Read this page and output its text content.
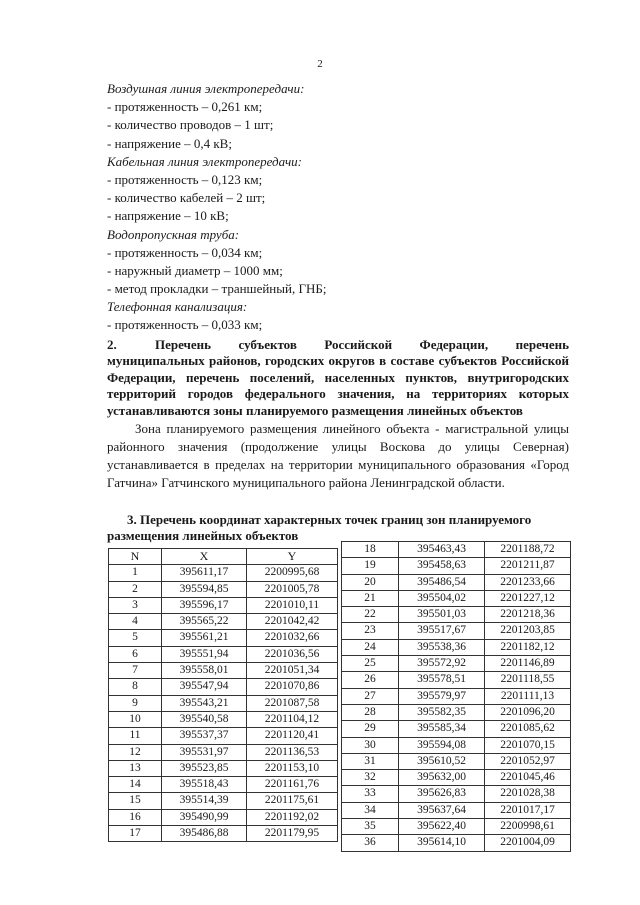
2
Воздушная линия электропередачи:
- протяженность – 0,261 км;
- количество проводов – 1 шт;
- напряжение – 0,4 кВ;
Кабельная линия электропередачи:
- протяженность – 0,123 км;
- количество кабелей – 2 шт;
- напряжение – 10 кВ;
Водопропускная труба:
- протяженность – 0,034 км;
- наружный диаметр – 1000 мм;
- метод прокладки – траншейный, ГНБ;
Телефонная канализация:
- протяженность – 0,033 км;
2.	Перечень субъектов Российской Федерации, перечень муниципальных районов, городских округов в составе субъектов Российской Федерации, перечень поселений, населенных пунктов, внутригородских территорий городов федерального значения, на территориях которых устанавливаются зоны планируемого размещения линейных объектов
Зона планируемого размещения линейного объекта - магистральной улицы районного значения (продолжение улицы Воскова до улицы Северная) устанавливается в пределах на территории муниципального образования «Город Гатчина» Гатчинского муниципального района Ленинградской области.
3. Перечень координат характерных точек границ зон планируемого
размещения линейных объектов
N	X	Y
1	395611,17	2200995,68
2	395594,85	2201005,78
3	395596,17	2201010,11
4	395565,22	2201042,42
5	395561,21	2201032,66
6	395551,94	2201036,56
7	395558,01	2201051,34
8	395547,94	2201070,86
9	395543,21	2201087,58
10	395540,58	2201104,12
11	395537,37	2201120,41
12	395531,97	2201136,53
13	395523,85	2201153,10
14	395518,43	2201161,76
15	395514,39	2201175,61
16	395490,99	2201192,02
17	395486,88	2201179,95
18	395463,43	2201188,72
19	395458,63	2201211,87
20	395486,54	2201233,66
21	395504,02	2201227,12
22	395501,03	2201218,36
23	395517,67	2201203,85
24	395538,36	2201182,12
25	395572,92	2201146,89
26	395578,51	2201118,55
27	395579,97	2201111,13
28	395582,35	2201096,20
29	395585,34	2201085,62
30	395594,08	2201070,15
31	395610,52	2201052,97
32	395632,00	2201045,46
33	395626,83	2201028,38
34	395637,64	2201017,17
35	395622,40	2200998,61
36	395614,10	2201004,09
